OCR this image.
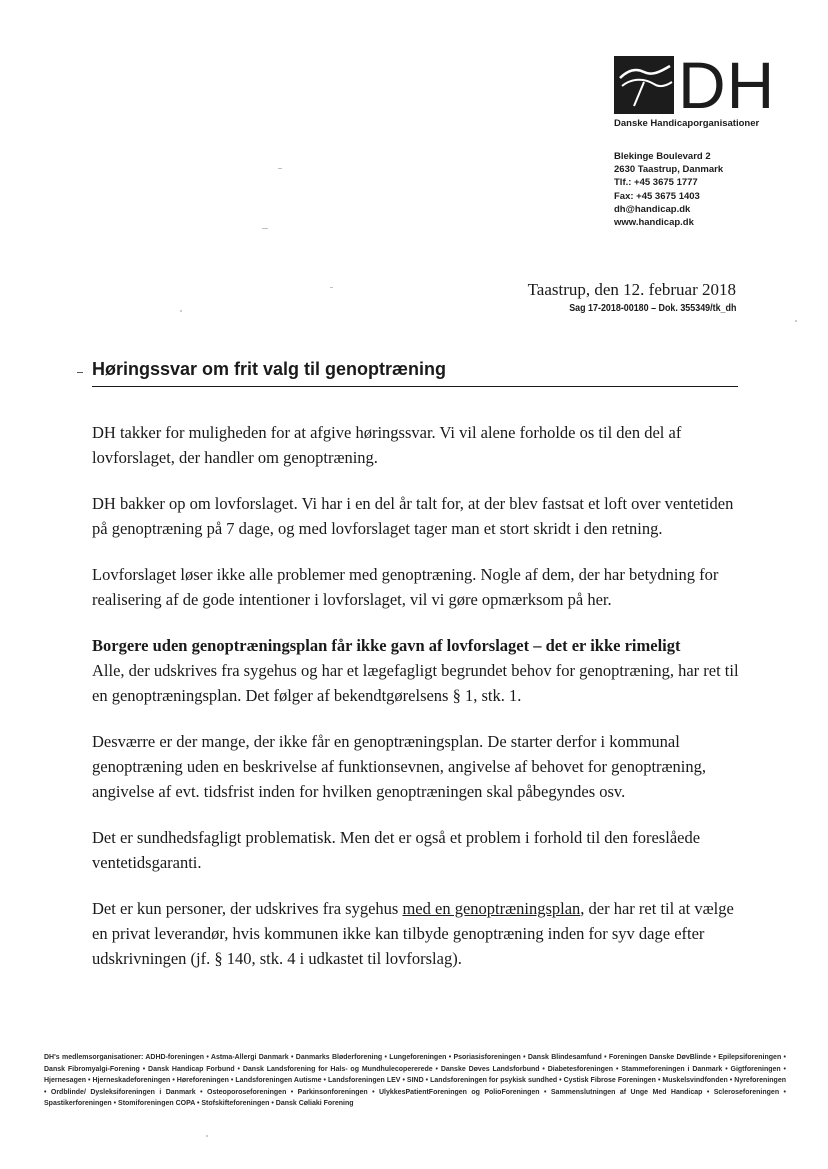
DH
Danske Handicaporganisationer
Blekinge Boulevard 2
2630 Taastrup, Danmark
Tlf.: +45 3675 1777
Fax: +45 3675 1403
dh@handicap.dk
www.handicap.dk
Taastrup, den 12. februar 2018
Sag 17-2018-00180 – Dok. 355349/tk_dh
Høringssvar om frit valg til genoptræning

DH takker for muligheden for at afgive høringssvar. Vi vil alene forholde os til den del af lovforslaget, der handler om genoptræning.

DH bakker op om lovforslaget. Vi har i en del år talt for, at der blev fastsat et loft over ventetiden på genoptræning på 7 dage, og med lovforslaget tager man et stort skridt i den retning.

Lovforslaget løser ikke alle problemer med genoptræning. Nogle af dem, der har betydning for realisering af de gode intentioner i lovforslaget, vil vi gøre opmærksom på her.

Borgere uden genoptræningsplan får ikke gavn af lovforslaget – det er ikke rimeligt
Alle, der udskrives fra sygehus og har et lægefagligt begrundet behov for genoptræning, har ret til en genoptræningsplan. Det følger af bekendtgørelsens § 1, stk. 1.

Desværre er der mange, der ikke får en genoptræningsplan. De starter derfor i kommunal genoptræning uden en beskrivelse af funktionsevnen, angivelse af behovet for genoptræning, angivelse af evt. tidsfrist inden for hvilken genoptræningen skal påbegyndes osv.

Det er sundhedsfagligt problematisk. Men det er også et problem i forhold til den foreslåede ventetidsgaranti.

Det er kun personer, der udskrives fra sygehus med en genoptræningsplan, der har ret til at vælge en privat leverandør, hvis kommunen ikke kan tilbyde genoptræning inden for syv dage efter udskrivningen (jf. § 140, stk. 4 i udkastet til lovforslag).

DH's medlemsorganisationer: ADHD-foreningen • Astma-Allergi Danmark • Danmarks Bløderforening • Lungeforeningen • Psoriasisforeningen • Dansk Blindesamfund • Foreningen Danske DøvBlinde • Epilepsiforeningen • Dansk Fibromyalgi-Forening • Dansk Handicap Forbund • Dansk Landsforening for Hals- og Mundhulecopererede • Danske Døves Landsforbund • Diabetesforeningen • Stammeforeningen i Danmark • Gigtforeningen • Hjernesagen • Hjerneskadeforeningen • Høreforeningen • Landsforeningen Autisme • Landsforeningen LEV • SIND • Landsforeningen for psykisk sundhed • Cystisk Fibrose Foreningen • Muskelsvindfonden • Nyreforeningen • Ordblinde/ Dysleksiforeningen i Danmark • Osteoporoseforeningen • Parkinsonforeningen • UlykkesPatientForeningen og PolioForeningen • Sammenslutningen af Unge Med Handicap • Scleroseforeningen • Spastikerforeningen • Stomiforeningen COPA • Stofskifteforeningen • Dansk Cøliaki Forening
